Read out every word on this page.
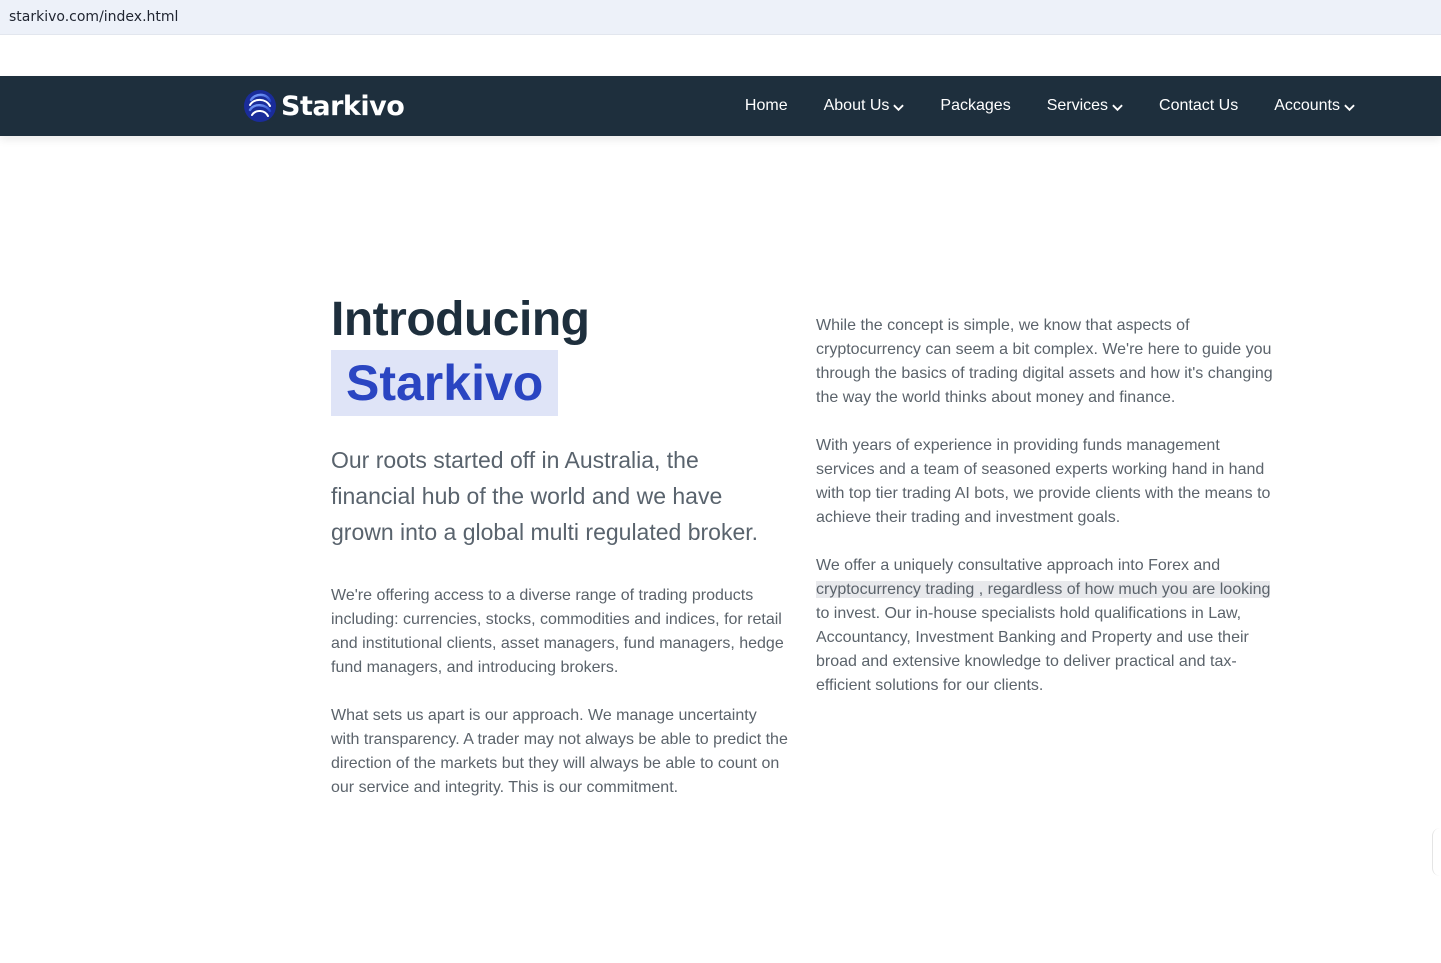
starkivo.com/index.html
Starkivo	Home About Us	Packages Services	Contact Us Accounts
Introducing
Starkivo

Our roots started off in Australia, the financial hub of the world and we have grown into a global multi regulated broker.

We're offering access to a diverse range of trading products including: currencies, stocks, commodities and indices, for retail and institutional clients, asset managers, fund managers, hedge fund managers, and introducing brokers.

What sets us apart is our approach. We manage uncertainty with transparency. A trader may not always be able to predict the direction of the markets but they will always be able to count on our service and integrity. This is our commitment.

While the concept is simple, we know that aspects of cryptocurrency can seem a bit complex. We're here to guide you through the basics of trading digital assets and how it's changing the way the world thinks about money and finance.

With years of experience in providing funds management services and a team of seasoned experts working hand in hand with top tier trading AI bots, we provide clients with the means to achieve their trading and investment goals.

We offer a uniquely consultative approach into Forex and cryptocurrency trading , regardless of how much you are looking to invest. Our in-house specialists hold qualifications in Law, Accountancy, Investment Banking and Property and use their broad and extensive knowledge to deliver practical and tax-efficient solutions for our clients.
